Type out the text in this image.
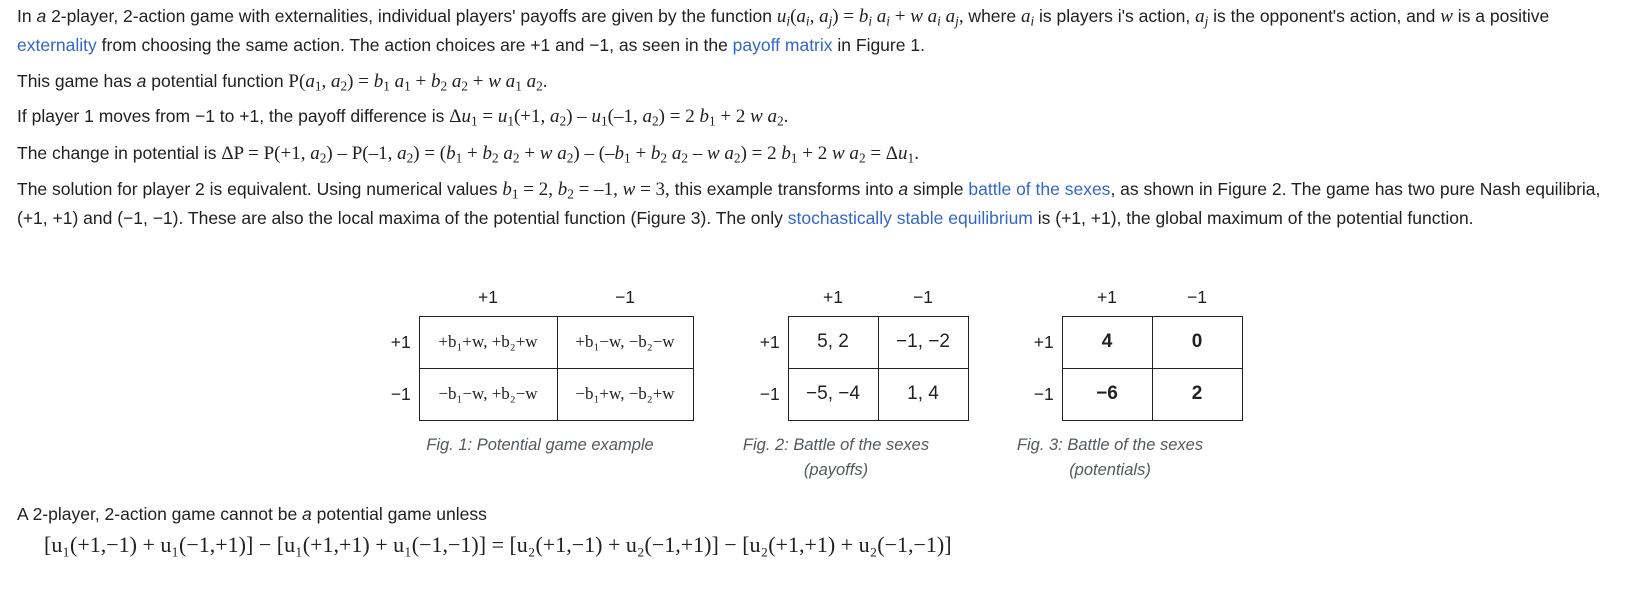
In a 2-player, 2-action game with externalities, individual players' payoffs are given by the function $u_i(a_i$, $a_j) = b_i$ $a_i + w$ $a_i$ $a_j$, where $a_i$ is players i's action, $a_j$ is the opponent's action, and w is a positive externality from choosing the same action. The action choices are +1 and −1, as seen in the payoff matrix in Figure 1.

This game has a potential function $P(a_1$, $a_2) = b_1$ $a_1 + b_2$ $a_2 + w$ $a_1$ $a_2$.

If player 1 moves from −1 to +1, the payoff difference is $\Delta u_1 = u_1(+1$, $a_2) - u_1(-1$, $a_2) = 2$ $b_1 + 2$ w $a_2$.

The change in potential is ΔP = P(+1, $a_2) - P(-1$, $a_2) = (b_1 + b_2$ $a_2 + w$ $a_2) - (-b_1 + b_2$ $a_2$ – w $a_2) = 2$ $b_1 + 2$ w $a_2 = \Delta u_1$.

The solution for player 2 is equivalent. Using numerical values $b_1 = 2$, $b_2 = -1$, w = 3, this example transforms into a simple battle of the sexes, as shown in Figure 2. The game has two pure Nash equilibria, (+1, +1) and (−1, −1). These are also the local maxima of the potential function (Figure 3). The only stochastically stable equilibrium is (+1, +1), the global maximum of the potential function.

	+1	−1
+1	+b₁+w, +b₂+w	+b₁−w, −b₂−w
−1	−b₁−w, +b₂−w	−b₁+w, −b₂+w
Fig. 1: Potential game example
	+1	−1
+1	5, 2	−1, −2
−1	−5, −4	1, 4
Fig. 2: Battle of the sexes
(payoffs)
	+1	−1
+1	4	0
−1	−6	2
Fig. 3: Battle of the sexes
(potentials)

A 2-player, 2-action game cannot be a potential game unless

[u₁(+1,−1) + u₁(−1,+1)] − [u₁(+1,+1) + u₁(−1,−1)] = [u₂(+1,−1) + u₂(−1,+1)] − [u₂(+1,+1) + u₂(−1,−1)]
